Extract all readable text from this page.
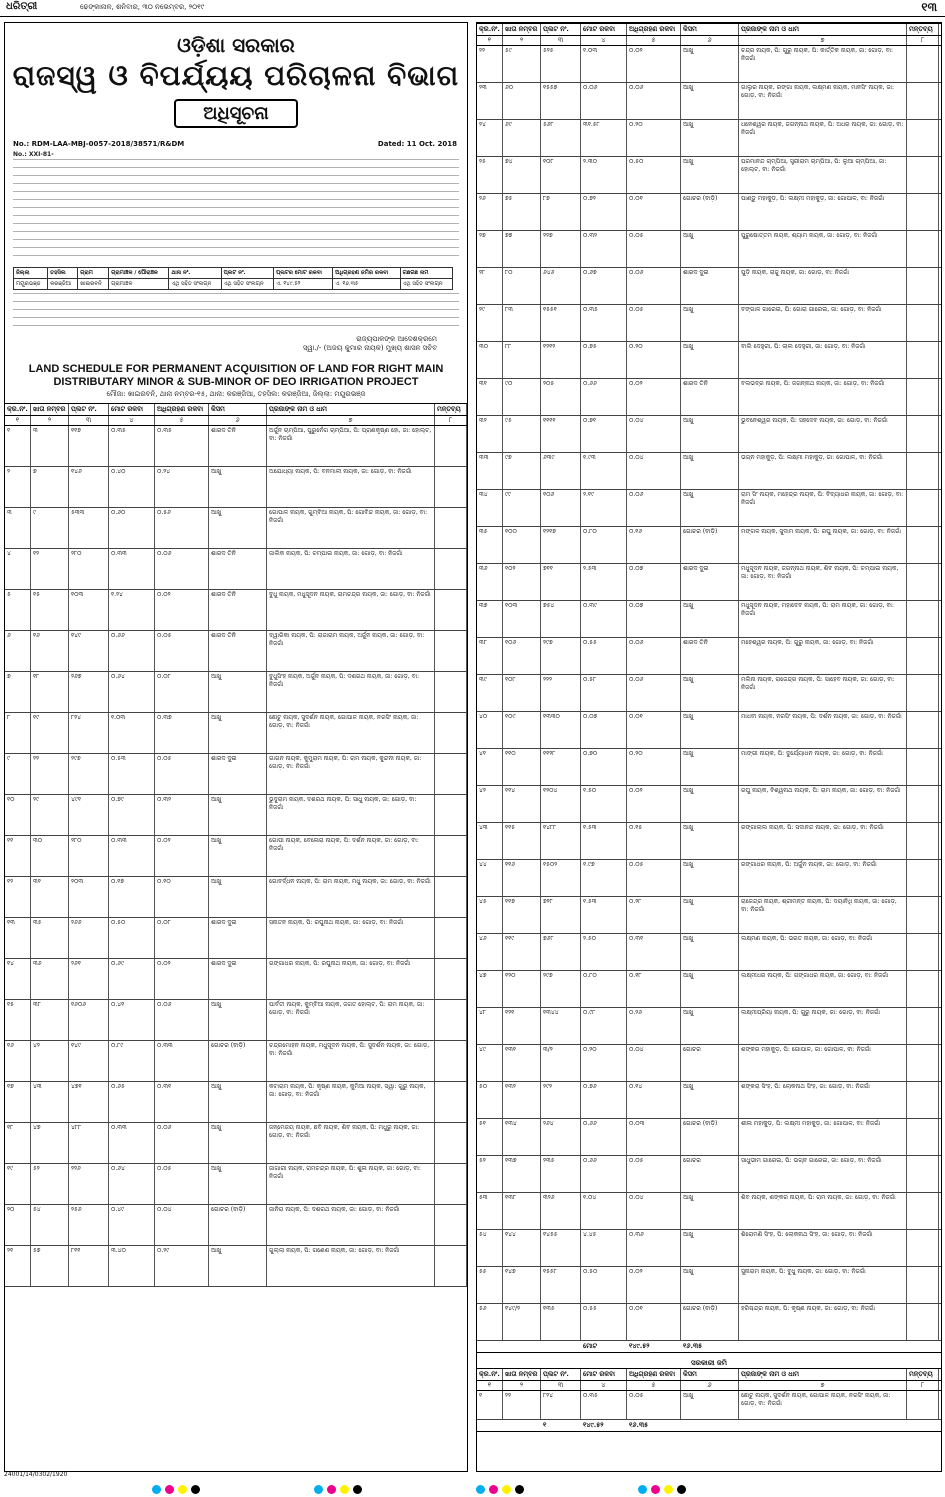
ଧରିତ୍ରୀ	ଢେଙ୍କାନାଳ, ଶନିବାର, ୩୦ ନଭେମ୍ବର, ୨୦୧୯	୧୩
ଓଡ଼ିଶା ସରକାର
ରାଜସ୍ୱ ଓ ବିପର୍ଯ୍ୟୟ ପରିଚାଳନା ବିଭାଗ
ଅଧିସୂଚନା
No.: RDM-LAA-MBJ-0057-2018/38571/R&DM	Dated: 11 Oct. 2018
No.: XXI-81-
ଜିଲ୍ଲା	ତହସିଲ	ଗ୍ରାମ	ଗ୍ରାମାଞ୍ଚଳ / ପୌରାଞ୍ଚଳ	ଥାନା ନଂ.	ପ୍ଲଟ ନଂ.	ପ୍ଲଟର ମୋଟ ରକବା	ଅଧିଗ୍ରହଣ ଜମିର ରକବା	ଗଛଗଛ ନାମ
ମୟୂରଭଞ୍ଜ	କରଞ୍ଜିଆ	ଖାଇରବନି	ଗ୍ରାମାଞ୍ଚଳ	ଏଥି ସହିତ ସଂଲଗ୍ନ	ଏଥି ସହିତ ସଂଲଗ୍ନ	ଏ. ୧୪୯.୫୨	ଏ. ୧୬.୩୫	ଏଥି ସହିତ ସଂଲଗ୍ନ
ରାଜ୍ୟପାଳଙ୍କ ଆଦେଶକ୍ରମେ
ସ୍ୱା./- (ଅଜୟ କୁମାର ନାୟକ) ମୁଖ୍ୟ ଶାସନ ସଚିବ
LAND SCHEDULE FOR PERMANENT ACQUISITION OF LAND FOR RIGHT MAIN DISTRIBUTARY MINOR & SUB-MINOR OF DEO IRRIGATION PROJECT
ମୌଜା: ଖାଇରବନି, ଥାନା ନମ୍ବର-୧୫, ଥାନା: କରଞ୍ଜିଆ, ତହସିଲ: କରଞ୍ଜିଆ, ଜିଲ୍ଲା: ମୟୂରଭଞ୍ଜ
କ୍ର.ନଂ. ଖାତା ନମ୍ବର ପ୍ଲଟ ନଂ.	ମୋଟ ରକବା	ଅଧିଗ୍ରହଣ ରକବା	କିସମ	ପ୍ରଜାଙ୍କ ନାମ ଓ ଧାମ	ମନ୍ତବ୍ୟ
୧	୨	୩	୪	୫	୬	୭	୮
୧	୩	୧୧୭	୦.୩୫	୦.୩୫	ଶାରଦ ତିନି	ଅର୍ଜୁନ ଚାମ୍ପିଆ, ପୁରୁନେଁଗ ଚାମ୍ପିଆ, ପି: ପ୍ରାଣକୃଷ୍ଣ ହୋ, ଜା: ହୋଲ୍ଟ, ବା: ନିଜଗାଁ
୨	୭	୧୪୬	୦.୪୦	୦.୨୪	ଆଖୁ	ଅଯୋଧ୍ୟା ନାୟକ, ପି: ବନମାଳୀ ନାୟକ, ଜା: ଗୋଡ଼, ବା: ନିଜଗାଁ
୩	୯	୫୩୩	୦.୬୦	୦.୫୬	ଆଖୁ	ଗୋପାଳ ନାୟକ, ଗୁମ୍ବିଆ ନାୟକ, ପି: ଗୋବିନ୍ଦ ନାୟକ, ଜା: ଗୋଡ଼, ବା: ନିଜଗାଁ
୪	୧୨	୨୮୦	୦.୩୩	୦.୦୬	ଶାରଦ ତିନି	ଜାଲିକ ନାୟକ, ପି: ଚମ୍ପାଇ ନାୟକ, ଜା: ଗୋଡ଼, ବା: ନିଜଗାଁ
୫	୧୫	୧୦୩	୧.୨୪	୦.୦୨	ଶାରଦ ତିନି	ବୁଧୁ ନାୟକ, ମଧୁସୂଦନ ନାୟକ, ରାମଚନ୍ଦ୍ର ନାୟକ, ଜା: ଗୋଡ଼, ବା: ନିଜଗାଁ
୬	୧୬	୧୪୯	୦.୬୬	୦.୦୫	ଶାରଦ ତିନି	ଦ୍ୱାରିକା ନାୟକ, ପି: ରାଜାରାମ ନାୟକ, ଅର୍ଜୁନ ନାୟକ, ଜା: ଗୋଡ଼, ବା: ନିଜଗାଁ
୭	୧୮	୨୬୭	୦.୬୪	୦.୦୮	ଆଖୁ	ବୁଧୁସିଂହ ନାୟକ, ଅର୍ଜୁନ ନାୟକ, ପି: ଦଶରଥ ନାୟକ, ଜା: ଗୋଡ଼, ବା: ନିଜଗାଁ
୮	୧୯	୮୨୪	୧.୦୩	୦.୩୭	ଆଖୁ	ଛୋଟୁ ନାୟକ, ସୁଦର୍ଶନ ନାୟକ, ଗୋପାଳ ନାୟକ, ନରସିଂ ନାୟକ, ଜା: ଗୋଡ଼, ବା: ନିଜଗାଁ
୯	୨୨	୨୯୭	୦.୫୩	୦.୦୫	ଶାରଦ ଦୁଇ	ଗାଗନ ନାୟକ, କୁମୁରାମ ନାୟକ, ପି: ରାମ ନାୟକ, କୁନ୍ଦନୀ ନାୟକ, ଜା: ଗୋଡ଼, ବା: ନିଜଗାଁ
୧୦	୨୯	୪୯୧	୦.୭୯	୦.୩୨	ଆଖୁ	ଭୁଦୁରାମ ନାୟକ, ଦଶରଥ ନାୟକ, ପି: ସାଧୁ ନାୟକ, ଜା: ଗୋଡ଼, ବା: ନିଜଗାଁ
୧୧	୩୦	୨୮୦	୦.୩୩	୦.୦୨	ଆଖୁ	ଗୋପୀ ନାୟକ, ବେଳୋରା ନାୟକ, ପି: ଦର୍ଶନ ନାୟକ, ଜା: ଗୋଡ଼, ବା: ନିଜଗାଁ
୧୨	୩୧	୨୦୩	୦.୧୭	୦.୧୦	ଆଖୁ	ଗୋବର୍ଦ୍ଧନ ନାୟକ, ପି: ରାମ ନାୟକ, ମଧୁ ନାୟକ, ଜା: ଗୋଡ଼, ବା: ନିଜଗାଁ
୧୩	୩୫	୨୬୬	୦.୫୦	୦.୦୮	ଶାରଦ ଦୁଇ	ସନାତନ ନାୟକ, ପି: ରଘୁନାଥ ନାୟକ, ଜା: ଗୋଡ଼, ବା: ନିଜଗାଁ
୧୪	୩୬	୨୬୧	୦.୬୯	୦.୦୨	ଶାରଦ ଦୁଇ	ଗଙ୍ଗାଧର ନାୟକ, ପି: ରଘୁନାଥ ନାୟକ, ଜା: ଗୋଡ଼, ବା: ନିଜଗାଁ
୧୫	୩୮	୧୬୦୬	୦.୪୧	୦.୦୬	ଆଖୁ	ପାର୍ବତୀ ନାୟକ, କୁମ୍ବିଆ ନାୟକ, ଜଗତ ହୋଲ୍ଟ, ପି: ରାମ ନାୟକ, ଜା: ଗୋଡ଼, ବା: ନିଜଗାଁ
୧୬	୪୨	୧୪୯	୦.୮୯	୦.୩୩	ଗୋଚର (ବାଡ଼ି)	ଚନ୍ଦ୍ରମୋହନ ନାୟକ, ମଧୁସୂଦନ ନାୟକ, ପି: ସୁଦର୍ଶନ ନାୟକ, ଜା: ଗୋଡ଼, ବା: ନିଜଗାଁ
୧୭	୪୩	୪୭୧	୦.୬୫	୦.୩୧	ଆଖୁ	କଟାରାମ ନାୟକ, ପି: କୃଷ୍ଣ ନାୟକ, କୁମିଆ ନାୟକ, ସ୍ୱା: ଗୁରୁ ନାୟକ, ଜା: ଗୋଡ଼, ବା: ନିଜଗାଁ
୧୮	୪୭	୪୮୮	୦.୩୩	୦.୦୬	ଆଖୁ	ଜନ୍ମେଜୟ ନାୟକ, ଛବି ନାୟକ, ଶିବ ନାୟକ, ପି: ମଧୁରୁ ନାୟକ, ଜା: ଗୋଡ଼, ବା: ନିଜଗାଁ
୧୯	୫୨	୨୨୬	୦.୬୪	୦.୦୫	ଆଖୁ	ଜାଗାରୀ ନାୟକ, ରାମଚନ୍ଦ୍ର ନାୟକ, ପି: ଶୁଳା ନାୟକ, ଜା: ଗୋଡ଼, ବା: ନିଜଗାଁ
୨୦	୫୪	୨୫୬	୦.୪୯	୦.୦୪	ଗୋଚର (ବାଡ଼ି)	ଜାନିରା ନାୟକ, ପି: ଦଶରଥ ନାୟକ, ଜା: ଗୋଡ଼, ବା: ନିଜଗାଁ
୨୧	୫୭	୮୧୧	୩.୪୦	୦.୨୯	ଆଖୁ	ଗୁଲ୍ଲା ନାୟକ, ପି: ଗଣେଶ ନାୟକ, ଜା: ଗୋଡ଼, ବା: ନିଜଗାଁ
କ୍ର.ନଂ. ଖାତା ନମ୍ବର ପ୍ଲଟ ନଂ.	ମୋଟ ରକବା	ଅଧିଗ୍ରହଣ ରକବା	କିସମ	ପ୍ରଜାଙ୍କ ନାମ ଓ ଧାମ	ମନ୍ତବ୍ୟ
୧	୨	୩	୪	୫	୬	୭	୮
୨୨	୫୯	୫୨୫	୧.୦୩	୦.୦୨	ଆଖୁ	ଚନ୍ଦ୍ର ନାୟକ, ପି: ଗୁରୁ ନାୟକ, ପି: କାର୍ତ୍ତିକ ନାୟକ, ଜା: ଗୋଡ଼, ବା: ନିଜଗାଁ
୨୩	୬୦	୧୫୫୭	୦.୦୬	୦.୦୬	ଆଖୁ	ଗାଲୁର ନାୟକ, ରଙ୍ଗା ନାୟକ, ଲକ୍ଷ୍ମଣ ନାୟକ, ମାନସିଂ ନାୟକ, ଜା: ଗୋଡ଼, ବା: ନିଜଗାଁ
୨୪	୬୯	୫୬୮	୩୧.୫୮	୦.୨୦	ଆଖୁ	ଧନେଶ୍ୱର ନାୟକ, ଜଗନ୍ନାଥ ନାୟକ, ପି: ଅଧର ନାୟକ, ଜା: ଗୋଡ଼, ବା: ନିଜଗାଁ
୨୫	୭୪	୧୦୮	୨.୩୦	୦.୫୦	ଆଖୁ	ପରମାନନ୍ଦ ଚାମ୍ପିଆ, ସ୍ତ୍ରୀରାମ ଚାମ୍ପିଆ, ପି: ଲୁଆ ଚାମ୍ପିଆ, ଜା: ହୋଲ୍ଟ, ବା: ନିଜଗାଁ
୨୬	୭୫	୮୭	୦.୭୨	୦.୦୧	ଗୋଚର (ବାଡ଼ି)	ପାଣ୍ଡୁ ମହାକୁଡ଼, ପି: ଲକ୍ଷ୍ମୀ ମହାକୁଡ଼, ଜା: ଗୋପାଳ, ବା: ନିଜଗାଁ
୨୭	୭୭	୨୨୭	୦.୩୨	୦.୦୫	ଆଖୁ	ପୁରୁଷୋତ୍ତମ ନାୟକ, ଶ୍ୟାମ ନାୟକ, ଜା: ଗୋଡ଼, ବା: ନିଜଗାଁ
୨୮	୮୦	୬୪୬	୦.୬୭	୦.୦୬	ଶାରଦ ଦୁଇ	ପୁଡ଼ି ନାୟକ, ରାଜୁ ନାୟକ, ଜା: ଗୋଡ଼, ବା: ନିଜଗାଁ
୨୯	୮୩	୧୫୫୧	୦.୩୫	୦.୦୫	ଆଖୁ	ବଙ୍ଗାଳ ଗାରେଇ, ପି: ଗୋରା ଗାରେଇ, ଜା: ଗୋଡ଼, ବା: ନିଜଗାଁ
୩୦	୮୮	୧୨୧୨	୦.୭୫	୦.୨୦	ଆଖୁ	ବାଲି ଦେହୁରୀ, ପି: ଲାଲ ଦେହୁରୀ, ଜା: ଗୋଡ଼, ବା: ନିଜଗାଁ
୩୧	୯୦	୨୦୫	୦.୬୬	୦.୦୨	ଶାରଦ ତିନି	ବଲଭଦ୍ର ନାୟକ, ପି: ଜଗନ୍ନାଥ ନାୟକ, ଜା: ଗୋଡ଼, ବା: ନିଜଗାଁ
୩୨	୯୫	୧୧୧୧	୦.୭୧	୦.୦୪	ଆଖୁ	ଭୁବନେଶ୍ୱର ନାୟକ, ପି: ସହଦେବ ନାୟକ, ଜା: ଗୋଡ଼, ବା: ନିଜଗାଁ
୩୩	୯୭	୬୩୯	୧.୯୩	୦.୦୪	ଆଖୁ	ଭଗ୍ନ ମହାକୁଡ଼, ପି: ଲକ୍ଷ୍ମୀ ମହାକୁଡ଼, ଜା: ଗୋପାଳ, ବା: ନିଜଗାଁ
୩୪	୯୯	୧୦୬	୨.୧୯	୦.୦୬	ଆଖୁ	ରାମ ସିଂ ନାୟକ, ମହେନ୍ଦ୍ର ନାୟକ, ପି: ବିଦ୍ୟାଧର ନାୟକ, ଜା: ଗୋଡ଼, ବା: ନିଜଗାଁ
୩୫	୧୦୦	୧୨୧୭	୦.୮୦	୦.୧୬	ଗୋଚର (ବାଡ଼ି)	ମଙ୍ଗଳ ନାୟକ, ସୁଦାମ ନାୟକ, ପି: ରଘୁ ନାୟକ, ଜା: ଗୋଡ଼, ବା: ନିଜଗାଁ
୩୬	୧୦୨	୭୧୧	୨.୫୩	୦.୦୭	ଶାରଦ ଦୁଇ	ମଧୁସୂଦନ ନାୟକ, ଜଗନ୍ନାଥ ନାୟକ, ଶିବ ନାୟକ, ପି: ଚମ୍ପାଇ ନାୟକ, ଜା: ଗୋଡ଼, ବା: ନିଜଗାଁ
୩୭	୧୦୩	୭୫୪	୦.୩୯	୦.୦୭	ଆଖୁ	ମଧୁସୂଦନ ନାୟକ, ମହାଦେବ ନାୟକ, ପି: ରାମ ନାୟକ, ଜା: ଗୋଡ଼, ବା: ନିଜଗାଁ
୩୮	୧୦୬	୨୯୭	୦.୫୫	୦.୦୬	ଶାରଦ ତିନି	ମହେଶ୍ୱର ନାୟକ, ପି: ଗୁରୁ ନାୟକ, ଜା: ଗୋଡ଼, ବା: ନିଜଗାଁ
୩୯	୧୦୮	୨୨୨	୦.୫୮	୦.୦୬	ଆଖୁ	ମଲିନା ନାୟକ, ରାଜେନ୍ଦ୍ର ନାୟକ, ପି: ସାହେବ ନାୟକ, ଜା: ଗୋଡ଼, ବା: ନିଜଗାଁ
୪୦	୧୦୯	୧୩୩୦	୦.୦୭	୦.୦୧	ଆଖୁ	ମାଧବୀ ନାୟକ, ନରସିଂ ନାୟକ, ପି: ଦର୍ଶନ ନାୟକ, ଜା: ଗୋଡ଼, ବା: ନିଜଗାଁ
୪୧	୧୧୦	୧୧୨୮	୦.୭୦	୦.୨୦	ଆଖୁ	ମାଙ୍ଗୀ ନାୟକ, ପି: ଦୁର୍ଯ୍ୟୋଧନ ନାୟକ, ଜା: ଗୋଡ଼, ବା: ନିଜଗାଁ
୪୨	୧୧୪	୧୨୦୪	୧.୫୦	୦.୦୨	ଆଖୁ	ରଘୁ ନାୟକ, ବିଶ୍ୱନାଥ ନାୟକ, ପି: ରାମ ନାୟକ, ଜା: ଗୋଡ଼, ବା: ନିଜଗାଁ
୪୩	୧୧୫	୧୪୮୮	୧.୫୩	୦.୧୫	ଆଖୁ	ରଙ୍ଗାଲାଲ ନାୟକ, ପି: ସଦାନନ୍ଦ ନାୟକ, ଜା: ଗୋଡ଼, ବା: ନିଜଗାଁ
୪୪	୧୧୬	୧୫୦୨	୧.୯୭	୦.୦୫	ଆଖୁ	ରଙ୍ଗାଧର ନାୟକ, ପି: ଅର୍ଜୁନ ନାୟକ, ଜା: ଗୋଡ଼, ବା: ନିଜଗାଁ
୪୫	୧୧୭	୭୨୮	୧.୫୩	୦.୨୮	ଆଖୁ	ରାଜେନ୍ଦ୍ର ନାୟକ, ଶ୍ରୀମନ୍ତ ନାୟକ, ପି: ଦୟାନିଧି ନାୟକ, ଜା: ଗୋଡ଼, ବା: ନିଜଗାଁ
୪୬	୧୧୯	୭୬୮	୨.୫୦	୦.୩୧	ଆଖୁ	ଲକ୍ଷ୍ମଣ ନାୟକ, ପି: ଭରତ ନାୟକ, ଜା: ଗୋଡ଼, ବା: ନିଜଗାଁ
୪୭	୧୨୦	୨୯୭	୦.୮୦	୦.୧୮	ଆଖୁ	ଲକ୍ଷ୍ମୀଧର ନାୟକ, ପି: ଗଙ୍ଗାଧର ନାୟକ, ଜା: ଗୋଡ଼, ବା: ନିଜଗାଁ
୪୮	୧୨୧	୧୩୪୪	୦.୯୮	୦.୨୬	ଆଖୁ	ଲକ୍ଷ୍ମୀପ୍ରିୟା ନାୟକ, ପି: ଗୁରୁ ନାୟକ, ଜା: ଗୋଡ଼, ବା: ନିଜଗାଁ
୪୯	୧୩୧	୩/୨	୦.୨୦	୦.୦୪	ଗୋଚର	ଶଙ୍କର ମହାକୁଡ଼, ପି: ଗୋପାଳ, ଜା: ଗୋପାଳ, ବା: ନିଜଗାଁ
୫୦	୧୩୨	୨୯୨	୦.୭୬	୦.୧୪	ଆଖୁ	ଶଙ୍କରା ସିଂହ, ପି: ଲୋକନାଥ ସିଂହ, ଜା: ଗୋଡ଼, ବା: ନିଜଗାଁ
୫୧	୧୩୪	୨୬୪	୦.୬୬	୦.୦୩	ଗୋଚର (ବାଡ଼ି)	ଶୀଳା ମହାକୁଡ଼, ପି: ଲକ୍ଷ୍ମୀ ମହାକୁଡ଼, ଜା: ଗୋପାଳ, ବା: ନିଜଗାଁ
୫୨	୧୩୭	୨୩୫	୦.୬୬	୦.୦୫	ଗୋଚର	ସାଧୁଭୀମ ଗାରେଇ, ପି: ଭଗ୍ନ ଗାରେଇ, ଜା: ଗୋଡ଼, ବା: ନିଜଗାଁ
୫୩	୧୩୮	୩୨୬	୧.୦୪	୦.୦୪	ଆଖୁ	ଶିବ ନାୟକ, ଶଙ୍କର ନାୟକ, ପି: ରାମ ନାୟକ, ଜା: ଗୋଡ଼, ବା: ନିଜଗାଁ
୫୪	୧୪୪	୧୪୫୫	୪.୪୫	୦.୩୬	ଆଖୁ	ଶିରୋମଣି ସିଂହ, ପି: ଲୋକନାଥ ସିଂହ, ଜା: ଗୋଡ଼, ବା: ନିଜଗାଁ
୫୫	୧୪୭	୧୫୫୮	୦.୫୦	୦.୦୨	ଆଖୁ	ସୁନାରାମ ନାୟକ, ପି: ବୁଧୁ ନାୟକ, ଜା: ଗୋଡ଼, ବା: ନିଜଗାଁ
୫୬	୧୪୯/୨	୧୩୫	୦.୫୫	୦.୦୧	ଗୋଚର (ବାଡ଼ି)	ହରିଶ୍ଚନ୍ଦ୍ର ନାୟକ, ପି: କୃଷ୍ଣ ନାୟକ, ଜା: ଗୋଡ଼, ବା: ନିଜଗାଁ
ମୋଟ	୧୪୯.୫୨	୧୬.୩୫
ସରକାରୀ ଜମି
କ୍ର.ନଂ. ଖାତା ନମ୍ବର ପ୍ଲଟ ନଂ.	ମୋଟ ରକବା	ଅଧିଗ୍ରହଣ ରକବା	କିସମ	ପ୍ରଜାଙ୍କ ନାମ ଓ ଧାମ	ମନ୍ତବ୍ୟ
୧	୨	୩	୪	୫	୬	୭	୮
୧	୨୨	୮୨୪	୦.୩୫	୦.୦୫	ଆଖୁ	ଛୋଟୁ ନାୟକ, ସୁଦର୍ଶନ ନାୟକ, ଗୋପାଳ ନାୟକ, ନରସିଂ ନାୟକ, ଜା: ଗୋଡ଼, ବା: ନିଜଗାଁ
୧	୧୪୯.୫୨	୧୬.୩୫
24001/14/0302/1920
